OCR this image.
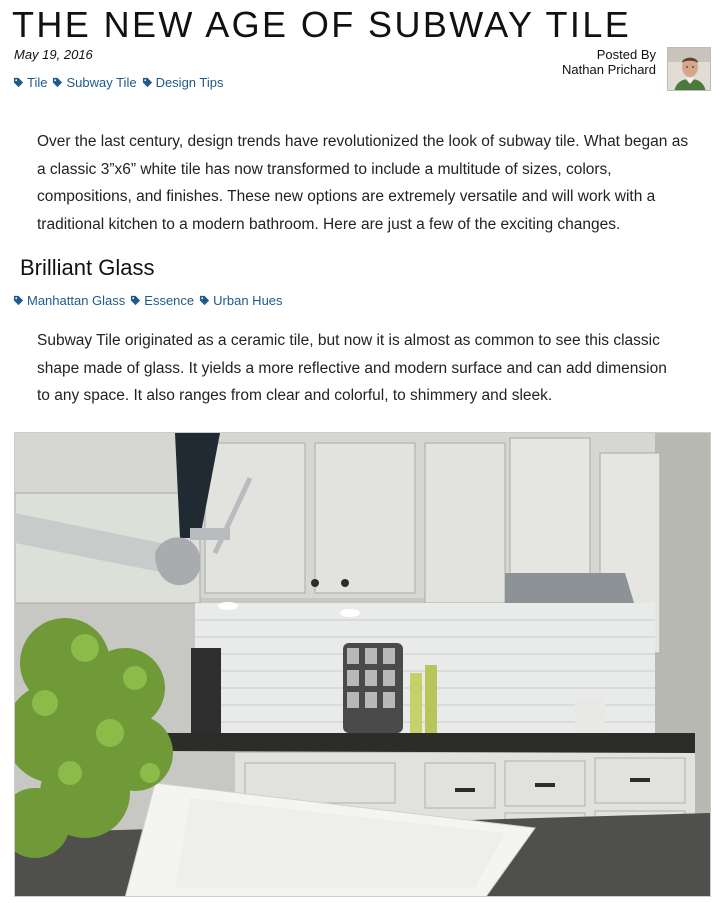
THE NEW AGE OF SUBWAY TILE
May 19, 2016
Tile Subway Tile Design Tips
Posted By
Nathan Prichard

Over the last century, design trends have revolutionized the look of subway tile. What began as a classic 3”x6” white tile has now transformed to include a multitude of sizes, colors, compositions, and finishes. These new options are extremely versatile and will work with a traditional kitchen to a modern bathroom. Here are just a few of the exciting changes.

Brilliant Glass
Manhattan Glass Essence Urban Hues

Subway Tile originated as a ceramic tile, but now it is almost as common to see this classic shape made of glass. It yields a more reflective and modern surface and can add dimension to any space. It also ranges from clear and colorful, to shimmery and sleek.
